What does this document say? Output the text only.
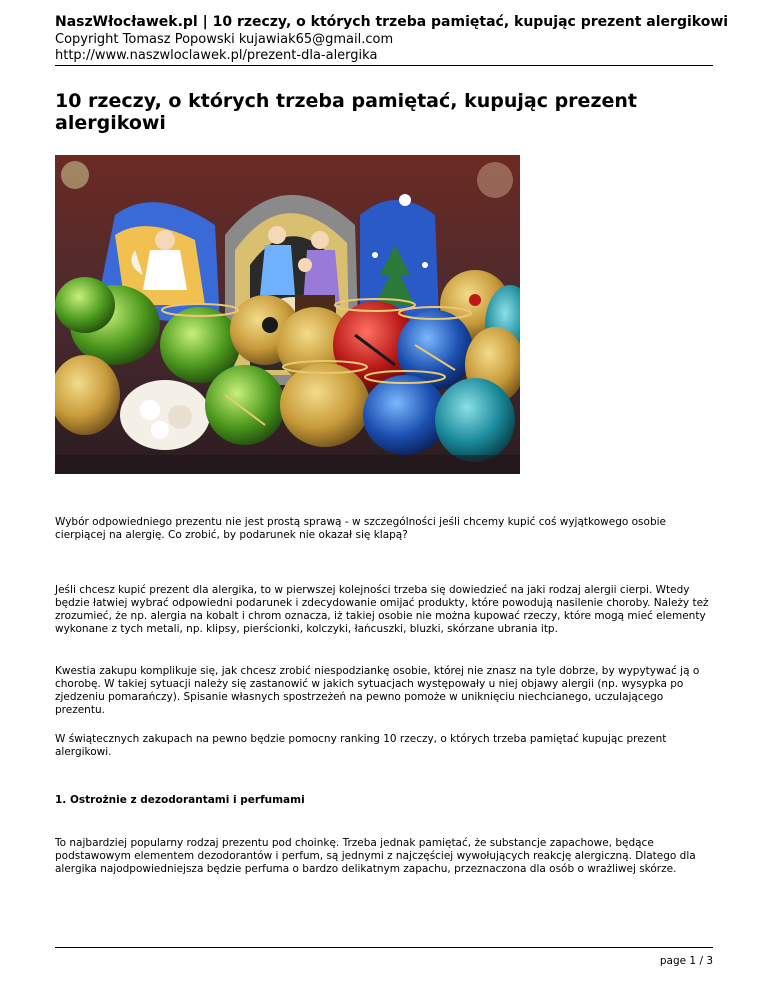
NaszWłocławek.pl | 10 rzeczy, o których trzeba pamiętać, kupując prezent alergikowi
Copyright Tomasz Popowski kujawiak65@gmail.com
http://www.naszwloclawek.pl/prezent-dla-alergika
10 rzeczy, o których trzeba pamiętać, kupując prezent alergikowi

Wybór odpowiedniego prezentu nie jest prostą sprawą - w szczególności jeśli chcemy kupić coś wyjątkowego osobie cierpiącej na alergię. Co zrobić, by podarunek nie okazał się klapą?

Jeśli chcesz kupić prezent dla alergika, to w pierwszej kolejności trzeba się dowiedzieć na jaki rodzaj alergii cierpi. Wtedy będzie łatwiej wybrać odpowiedni podarunek i zdecydowanie omijać produkty, które powodują nasilenie choroby. Należy też zrozumieć, że np. alergia na kobalt i chrom oznacza, iż takiej osobie nie można kupować rzeczy, które mogą mieć elementy wykonane z tych metali, np. klipsy, pierścionki, kolczyki, łańcuszki, bluzki, skórzane ubrania itp.

Kwestia zakupu komplikuje się, jak chcesz zrobić niespodziankę osobie, której nie znasz na tyle dobrze, by wypytywać ją o chorobę. W takiej sytuacji należy się zastanowić w jakich sytuacjach występowały u niej objawy alergii (np. wysypka po zjedzeniu pomarańczy). Spisanie własnych spostrzeżeń na pewno pomoże w uniknięciu niechcianego, uczulającego prezentu.

W świątecznych zakupach na pewno będzie pomocny ranking 10 rzeczy, o których trzeba pamiętać kupując prezent alergikowi.

1. Ostrożnie z dezodorantami i perfumami

To najbardziej popularny rodzaj prezentu pod choinkę. Trzeba jednak pamiętać, że substancje zapachowe, będące podstawowym elementem dezodorantów i perfum, są jednymi z najczęściej wywołujących reakcję alergiczną. Dlatego dla alergika najodpowiedniejsza będzie perfuma o bardzo delikatnym zapachu, przeznaczona dla osób o wrażliwej skórze.

page 1 / 3
